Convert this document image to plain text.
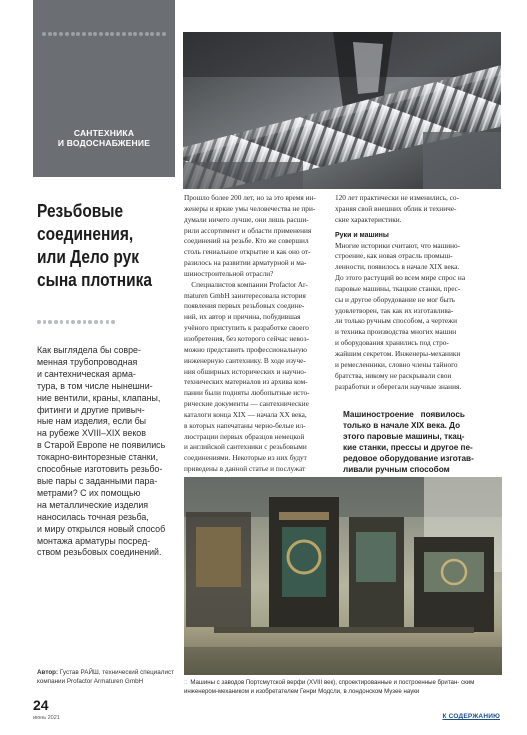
САНТЕХНИКА
И ВОДОСНАБЖЕНИЕ
Резьбовые
соединения,
или Дело рук
сына плотника
Как выглядела бы совре-
менная трубопроводная
и сантехническая арма-
тура, в том числе нынешни-
ние вентили, краны, клапаны,
фитинги и другие привыч-
ные нам изделия, если бы
на рубеже XVIII–XIX веков
в Старой Европе не появились
токарно-винторезные станки,
способные изготовить резьбо-
вые пары с заданными пара-
метрами? С их помощью
на металлические изделия
наносилась точная резьба,
и миру открылся новый способ
монтажа арматуры посред-
ством резьбовых соединений.
Прошло более 200 лет, но за это время ин-
женеры и яркие умы человечества не при-
думали ничего лучше, они лишь расши-
рили ассортимент и области применения
соединений на резьбе. Кто же совершил
столь гениальное открытие и как оно от-
разилось на развитии арматурной и ма-
шиностроительной отрасли?
Специалистов компании Profactor Ar-
maturen GmbH заинтересовала история
появления первых резьбовых соедине-
ний, их автор и причина, побудившая
учёного приступить к разработке своего
изобретения, без которого сейчас невоз-
можно представить профессиональную
инженерную сантехнику. В ходе изуче-
ния обширных исторических и научно-
технических материалов из архива ком-
пании были подняты любопытные исто-
рические документы — сантехнические
каталоги конца XIX — начала XX века,
в которых напечатаны черно-белые ил-
люстрации первых образцов немецкой
и английской сантехники с резьбовыми
соединениями. Некоторые из них будут
приведены в данной статье и послужат
120 лет практически не изменились, со-
храняя свой внешних облик и техниче-
ские характеристики.
Руки и машины
Многие историки считают, что машино-
строение, как новая отрасль промыш-
ленности, появилось в начале XIX века.
До этого растущий во всем мире спрос на
паровые машины, ткацкие станки, прес-
сы и другое оборудование не мог быть
удовлетворен, так как их изготавлива-
ли только ручным способом, а чертежи
и техника производства многих машин
и оборудования хранились под стро-
жайшим секретом. Инженеры-механики
и ремесленники, словно члены тайного
братства, никому не раскрывали свои
разработки и оберегали научные знания.
Машиностроение   появилось
только в начале XIX века. До
этого паровые машины, ткац-
кие станки, прессы и другое пе-
редовое оборудование изготав-
ливали ручным способом
Автор: Густав РАЙШ, технический специалист компании Profactor Armaturen GmbH	:: Машины с заводов Портсмутской верфи (XVIII век), спроектированные и построенные британ- ским инженером-механиком и изобретателем Генри Модсли, в лондонском Музее науки
24
июнь 2021	К СОДЕРЖАНИЮ
